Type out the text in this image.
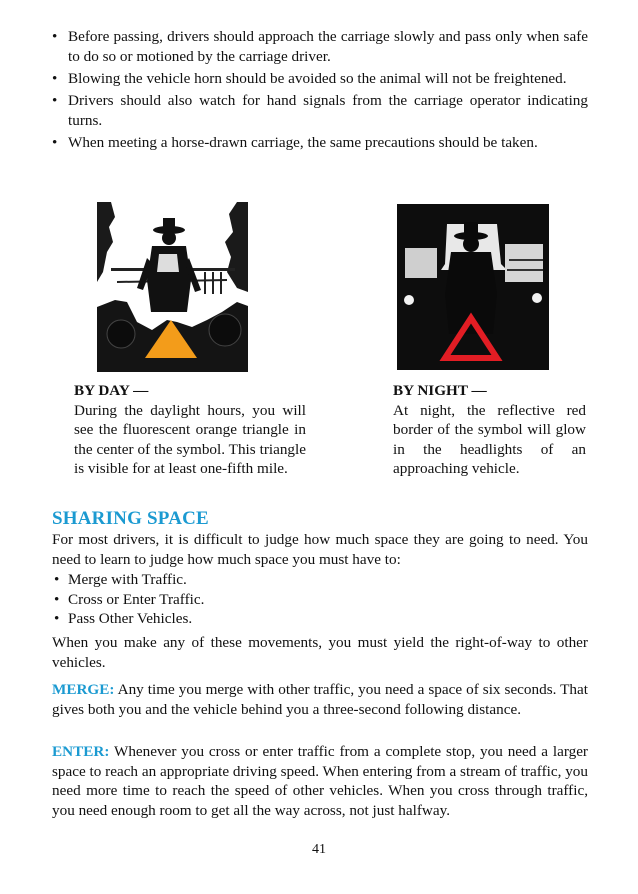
• Before passing, drivers should approach the carriage slowly and pass only when safe to do so or motioned by the carriage driver.
• Blowing the vehicle horn should be avoided so the animal will not be freightened.
• Drivers should also watch for hand signals from the carriage operator indicating turns.
• When meeting a horse-drawn carriage, the same precautions should be taken.
BY DAY —
During the daylight hours, you will see the fluorescent orange triangle in the center of the symbol. This triangle is visible for at least one-fifth mile.
BY NIGHT —
At night, the reflective red border of the symbol will glow in the headlights of an approaching vehicle.
SHARING SPACE

For most drivers, it is difficult to judge how much space they are going to need. You need to learn to judge how much space you must have to:

• Merge with Traffic.
• Cross or Enter Traffic.
• Pass Other Vehicles.

When you make any of these movements, you must yield the right-of-way to other vehicles.

MERGE: Any time you merge with other traffic, you need a space of six seconds. That gives both you and the vehicle behind you a three-second following distance.

ENTER: Whenever you cross or enter traffic from a complete stop, you need a larger space to reach an appropriate driving speed. When entering from a stream of traffic, you need more time to reach the speed of other vehicles. When you cross through traffic, you need enough room to get all the way across, not just halfway.

41
